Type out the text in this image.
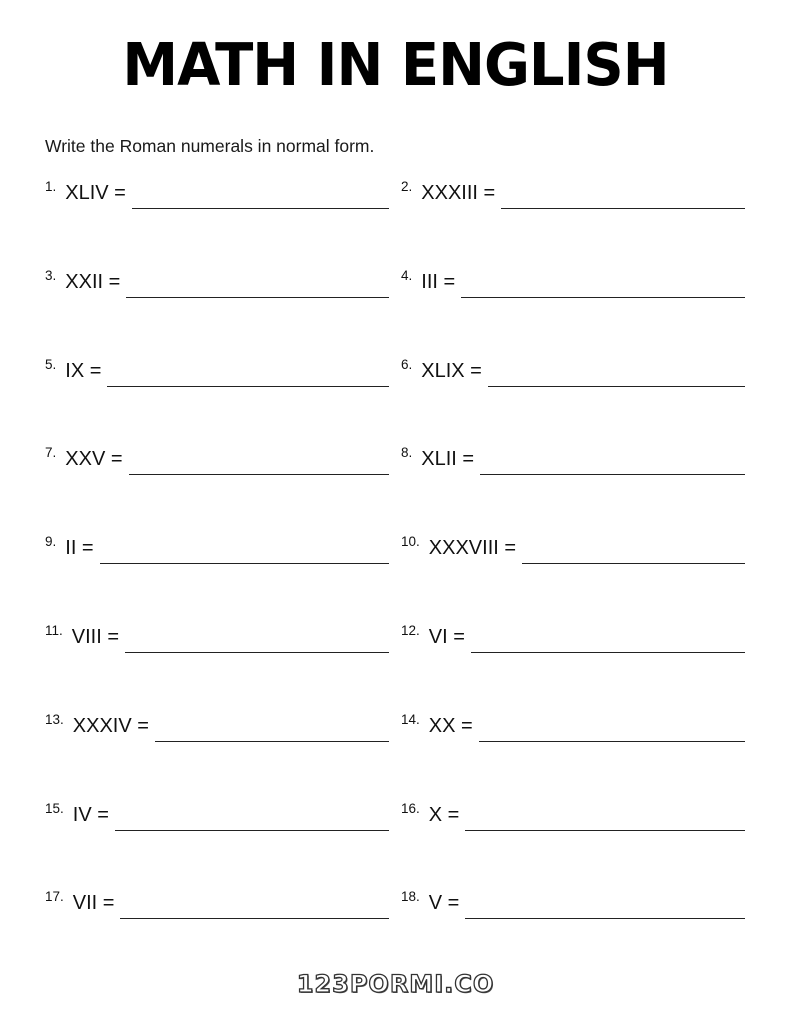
MATH IN ENGLISH
Write the Roman numerals in normal form.
1. XLIV =	2. XXXIII =
3. XXII =	4. III =
5. IX =	6. XLIX =
7. XXV =	8. XLII =
9. II =	10. XXXVIII =
11. VIII =	12. VI =
13. XXXIV =	14. XX =
15. IV =	16. X =
17. VII =	18. V =
123PORMI.CO
